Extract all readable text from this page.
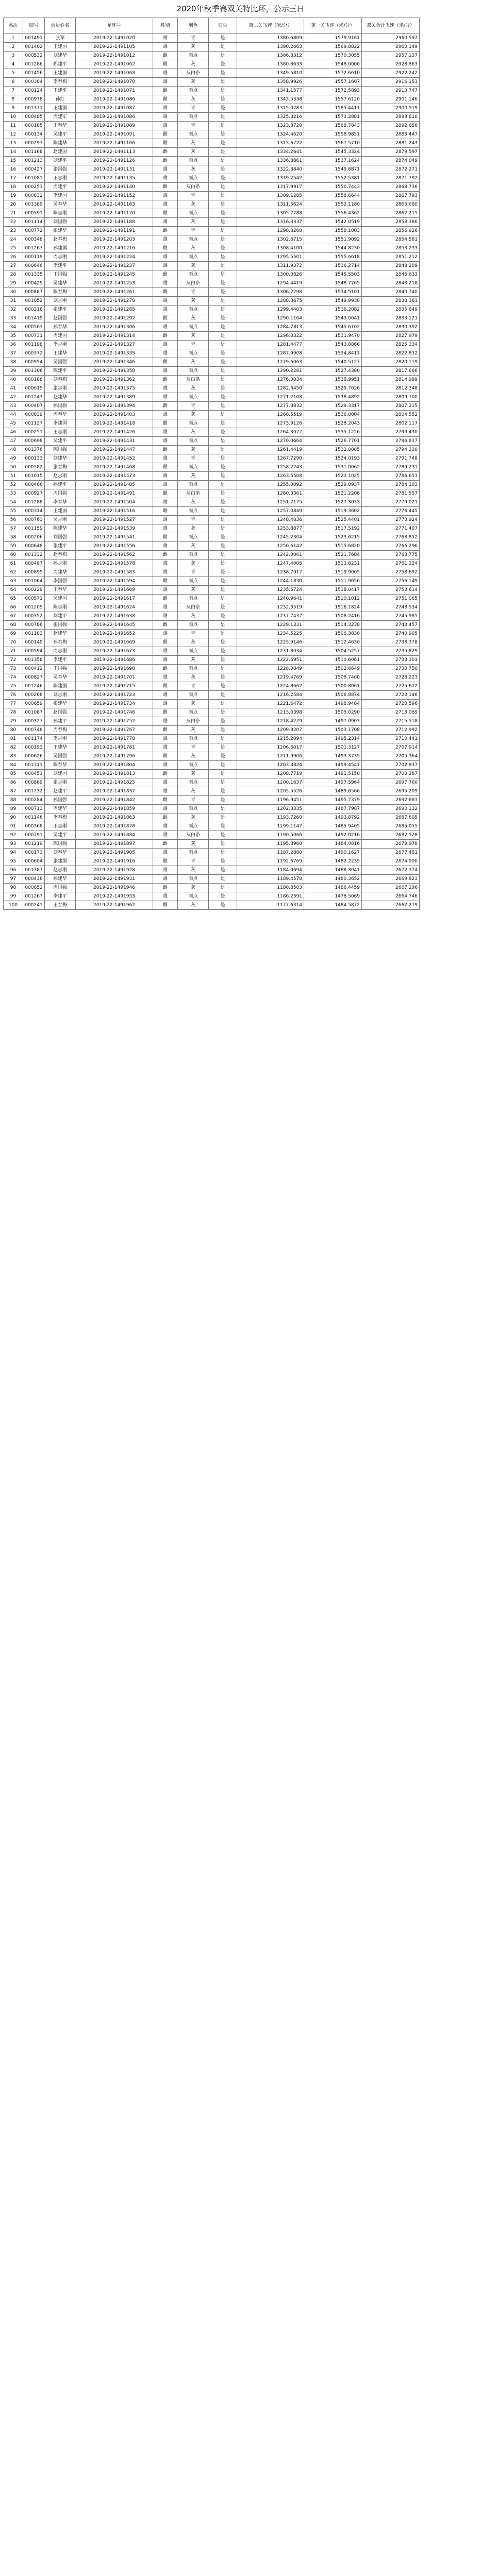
2020年秋季赛双关特比环，公示三日
名次	脚号	会员姓名	足环号	性别	羽色	归巢	第二关飞速（米/分）	第一关飞速（米/分）	双关合计飞速（米/分）
1	001491	张军	2019-22-1491020	雄	青	是	1380.6809	1579.9161	2960.597
2	001402	王建国	2019-22-1491105	雄	灰	是	1390.2663	1569.8822	2960.149
3	000532	刘建华	2019-22-1491012	雌	雨点	是	1386.8312	1570.3055	2957.137
4	001286	郑建平	2019-22-1491062	雌	灰	是	1380.8633	1548.0000	2928.863
5	001456	王建国	2019-22-1491068	雄	灰白条	是	1349.5810	1572.6610	2922.242
6	000384	李春梅	2019-22-1491070	雄	灰	是	1358.9926	1557.1607	2916.153
7	000124	王建平	2019-22-1491071	雌	雨点	是	1341.1577	1572.5893	2913.747
8	000978	孙红	2019-22-1491086	雌	灰	是	1343.5338	1557.6120	2901.146
9	001371	王建国	2019-22-1491087	雄	青	是	1315.0783	1585.4411	2900.519
10	000485	周建军	2019-22-1491086	雄	雨点	是	1325.3216	1573.2881	2898.610
11	000185	王春华	2019-22-1491089	雄	青	是	1323.8720	1568.7843	2892.656
12	000134	吴建平	2019-22-1491091	雌	雨点	是	1324.4620	1558.9851	2883.447
13	000297	陈建华	2019-22-1491106	雌	灰	是	1313.6722	1567.5710	2881.243
14	001168	赵建国	2019-22-1491113	雌	灰	是	1334.2641	1545.3324	2879.597
15	001213	刘建平	2019-22-1491126	雌	雨点	是	1336.8861	1537.1624	2874.049
16	000427	张国强	2019-22-1491131	雄	灰	是	1322.3840	1549.8871	2872.271
17	001081	王志刚	2019-22-1491135	雄	雨点	是	1319.2542	1552.5381	2871.792
18	000253	周建平	2019-22-1491140	雌	灰白条	是	1317.9917	1550.7443	2868.736
19	000832	李建国	2019-22-1491152	雄	青	是	1309.1285	1558.6644	2867.793
20	001389	吴春华	2019-22-1491163	雄	灰	是	1311.5624	1552.1180	2863.680
21	000591	陈志刚	2019-22-1491170	雌	雨点	是	1305.7788	1556.4362	2862.215
22	001114	刘国强	2019-22-1491188	雄	灰	是	1316.3337	1542.0519	2858.386
23	000772	张建华	2019-22-1491191	雌	青	是	1298.8260	1558.1003	2856.926
24	000348	赵春梅	2019-22-1491203	雄	雨点	是	1302.6715	1551.9092	2854.581
25	001267	孙建国	2019-22-1491216	雌	灰	是	1308.4100	1544.8230	2853.233
26	000119	周志刚	2019-22-1491224	雄	雨点	是	1295.5501	1555.6618	2851.212
27	000646	李建平	2019-22-1491237	雄	灰	是	1311.9372	1536.2714	2848.209
28	001335	王国强	2019-22-1491245	雌	雨点	是	1300.0826	1545.5503	2845.633
29	000429	吴建华	2019-22-1491253	雄	灰白条	是	1294.4419	1548.7765	2843.218
30	000887	陈春梅	2019-22-1491261	雌	青	是	1306.2298	1534.5101	2840.740
31	001052	刘志刚	2019-22-1491278	雄	灰	是	1288.3675	1549.9930	2838.361
32	000216	张建平	2019-22-1491285	雄	雨点	是	1299.4403	1536.2082	2835.649
33	001419	赵国强	2019-22-1491292	雌	灰	是	1290.1164	1543.0041	2833.121
34	000563	孙春华	2019-22-1491306	雄	雨点	是	1284.7813	1545.6102	2830.392
35	000731	周建国	2019-22-1491314	雌	灰	是	1296.0322	1531.9470	2827.979
36	001198	李志刚	2019-22-1491327	雄	青	是	1281.4477	1543.8866	2825.334
37	000372	王建华	2019-22-1491335	雄	雨点	是	1287.9908	1534.8411	2822.832
38	000954	吴国强	2019-22-1491346	雌	灰	是	1279.6063	1540.5127	2820.119
39	001306	陈建平	2019-22-1491358	雄	雨点	是	1290.2281	1527.4380	2817.666
40	000188	刘春梅	2019-22-1491362	雌	灰白条	是	1276.0034	1538.9951	2814.999
41	000615	张志刚	2019-22-1491375	雄	灰	是	1282.6450	1529.7026	2812.348
42	001243	赵建华	2019-22-1491389	雄	雨点	是	1271.2108	1538.4892	2809.700
43	000407	孙国强	2019-22-1491394	雌	青	是	1277.8832	1529.3317	2807.215
44	000839	周春华	2019-22-1491403	雄	灰	是	1268.5519	1536.0004	2804.552
45	001127	李建国	2019-22-1491418	雌	雨点	是	1273.9126	1528.2043	2802.117
46	000251	王志刚	2019-22-1491426	雄	灰	是	1264.3077	1535.1226	2799.430
47	000698	吴建平	2019-22-1491431	雄	雨点	是	1270.0664	1526.7701	2796.837
48	001376	陈国强	2019-22-1491447	雌	灰	是	1261.4419	1532.8885	2794.330
49	000133	刘建华	2019-22-1491452	雄	青	是	1267.7290	1524.0193	2791.748
50	000582	张春梅	2019-22-1491468	雌	雨点	是	1258.2243	1531.0062	2789.231
51	001015	赵志刚	2019-22-1491473	雄	灰	是	1263.5508	1523.1025	2786.653
52	000466	孙建平	2019-22-1491485	雄	雨点	是	1255.0092	1529.0937	2784.103
53	000927	周国强	2019-22-1491491	雌	灰白条	是	1260.3361	1521.2208	2781.557
54	001288	李春华	2019-22-1491504	雄	灰	是	1251.7175	1527.3033	2779.021
55	000314	王建国	2019-22-1491516	雌	雨点	是	1257.0849	1519.3602	2776.445
56	000763	吴志刚	2019-22-1491527	雄	青	是	1248.4836	1525.4401	2773.924
57	001159	陈建华	2019-22-1491539	雄	灰	是	1253.8877	1517.5192	2771.407
58	000206	刘国强	2019-22-1491541	雌	雨点	是	1245.2304	1523.6215	2768.852
59	000648	张建平	2019-22-1491556	雄	灰	是	1250.6142	1515.6820	2766.296
60	001332	赵春梅	2019-22-1491562	雌	雨点	是	1242.0061	1521.7684	2763.775
61	000487	孙志刚	2019-22-1491578	雄	灰	是	1247.4005	1513.8231	2761.224
62	000895	周建华	2019-22-1491583	雄	青	是	1238.7917	1519.9005	2758.692
63	001064	李国强	2019-22-1491594	雌	雨点	是	1244.1830	1511.9656	2756.149
64	000229	王春华	2019-22-1491609	雄	灰	是	1235.5724	1518.0417	2753.614
65	000571	吴建国	2019-22-1491617	雌	雨点	是	1240.9641	1510.1012	2751.065
66	001205	陈志刚	2019-22-1491624	雄	灰白条	是	1232.3519	1516.1824	2748.534
67	000352	刘建平	2019-22-1491638	雄	灰	是	1237.7437	1508.2416	2745.985
68	000786	张国强	2019-22-1491645	雌	雨点	是	1229.1331	1514.3238	2743.457
69	001183	赵建华	2019-22-1491652	雄	青	是	1234.5225	1506.3830	2740.905
70	000149	孙春梅	2019-22-1491669	雌	灰	是	1225.9146	1512.4630	2738.378
71	000594	周志刚	2019-22-1491673	雄	雨点	是	1231.3034	1504.5257	2735.829
72	001358	李建平	2019-22-1491686	雄	灰	是	1222.6951	1510.6061	2733.301
73	000412	王国强	2019-22-1491698	雌	雨点	是	1228.0849	1502.6649	2730.750
74	000827	吴春华	2019-22-1491701	雄	灰	是	1219.4769	1508.7460	2728.223
75	001246	陈建国	2019-22-1491715	雌	青	是	1224.8662	1500.8061	2725.672
76	000268	刘志刚	2019-22-1491723	雄	雨点	是	1216.2584	1506.8874	2723.146
77	000659	张建华	2019-22-1491734	雄	灰	是	1221.6472	1498.9484	2720.596
78	001087	赵国强	2019-22-1491746	雌	雨点	是	1213.0398	1505.0290	2718.069
79	000327	孙建平	2019-22-1491752	雄	灰白条	是	1218.4279	1497.0903	2715.518
80	000748	周春梅	2019-22-1491767	雌	灰	是	1209.8207	1503.1708	2712.992
81	001174	李志刚	2019-22-1491778	雄	雨点	是	1215.2094	1495.2314	2710.441
82	000193	王建华	2019-22-1491781	雄	青	是	1206.6017	1501.3127	2707.914
83	000626	吴国强	2019-22-1491796	雌	灰	是	1211.9906	1493.3735	2705.364
84	001311	陈春华	2019-22-1491804	雄	雨点	是	1203.3824	1499.4541	2702.837
85	000451	刘建国	2019-22-1491813	雌	灰	是	1208.7719	1491.5150	2700.287
86	000869	张志刚	2019-22-1491825	雄	雨点	是	1200.1637	1497.5964	2697.760
87	001232	赵建平	2019-22-1491837	雄	灰	是	1205.5526	1489.6566	2695.209
88	000284	孙国强	2019-22-1491842	雌	青	是	1196.9451	1495.7379	2692.683
89	000713	周建华	2019-22-1491859	雄	雨点	是	1202.3335	1487.7987	2690.132
90	001146	李春梅	2019-22-1491863	雌	灰	是	1193.7260	1493.8792	2687.605
91	000368	王志刚	2019-22-1491878	雄	雨点	是	1199.1147	1485.9405	2685.055
92	000791	吴建平	2019-22-1491884	雄	灰白条	是	1190.5066	1492.0216	2682.528
93	001219	陈国强	2019-22-1491897	雌	灰	是	1195.8960	1484.0816	2679.978
94	000173	刘春华	2019-22-1491905	雄	雨点	是	1187.2880	1490.1627	2677.451
95	000604	张建国	2019-22-1491916	雌	青	是	1192.6769	1482.2235	2674.900
96	001387	赵志刚	2019-22-1491928	雄	灰	是	1184.0694	1488.3041	2672.374
97	000436	孙建华	2019-22-1491931	雄	雨点	是	1189.4578	1480.3652	2669.823
98	000852	周国强	2019-22-1491946	雌	灰	是	1180.8503	1486.4459	2667.296
99	001267	李建平	2019-22-1491953	雄	雨点	是	1186.2391	1478.5069	2664.746
100	000241	王春梅	2019-22-1491962	雌	灰	是	1177.6314	1484.5872	2662.219
